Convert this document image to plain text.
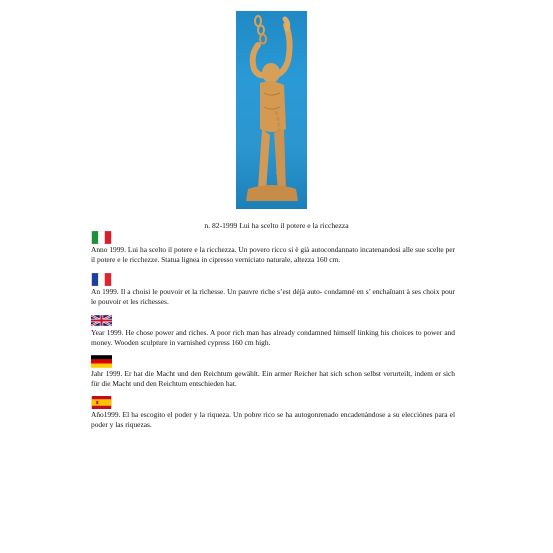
n. 82-1999 Lui ha scelto il potere e la ricchezza

Anno 1999. Lui ha scelto il potere e la ricchezza. Un povero ricco si è già autocondannato incatenandosi alle sue scelte per il potere e le ricchezze. Statua lignea in cipresso verniciato naturale, altezza 160 cm.

An 1999. Il a choisi le pouvoir et la richesse. Un pauvre riche s’est déjà auto- condamné en s’ enchaînant à ses choix pour le pouvoir et les richesses.

Year 1999. He chose power and riches. A poor rich man has already condamned himself linking his choices to power and money. Wooden sculpture in varnished cypress 160 cm high.

Jahr 1999. Er hat die Macht und den Reichtum gewählt. Ein armer Reicher hat sich schon selbst verurteilt, indem er sich für die Macht und den Reichtum entschieden hat.

Año1999. El ha escogito el poder y la riqueza. Un pobre rico se ha autogonrenado encadenàndose a su elecciònes para el poder y las riquezas.
